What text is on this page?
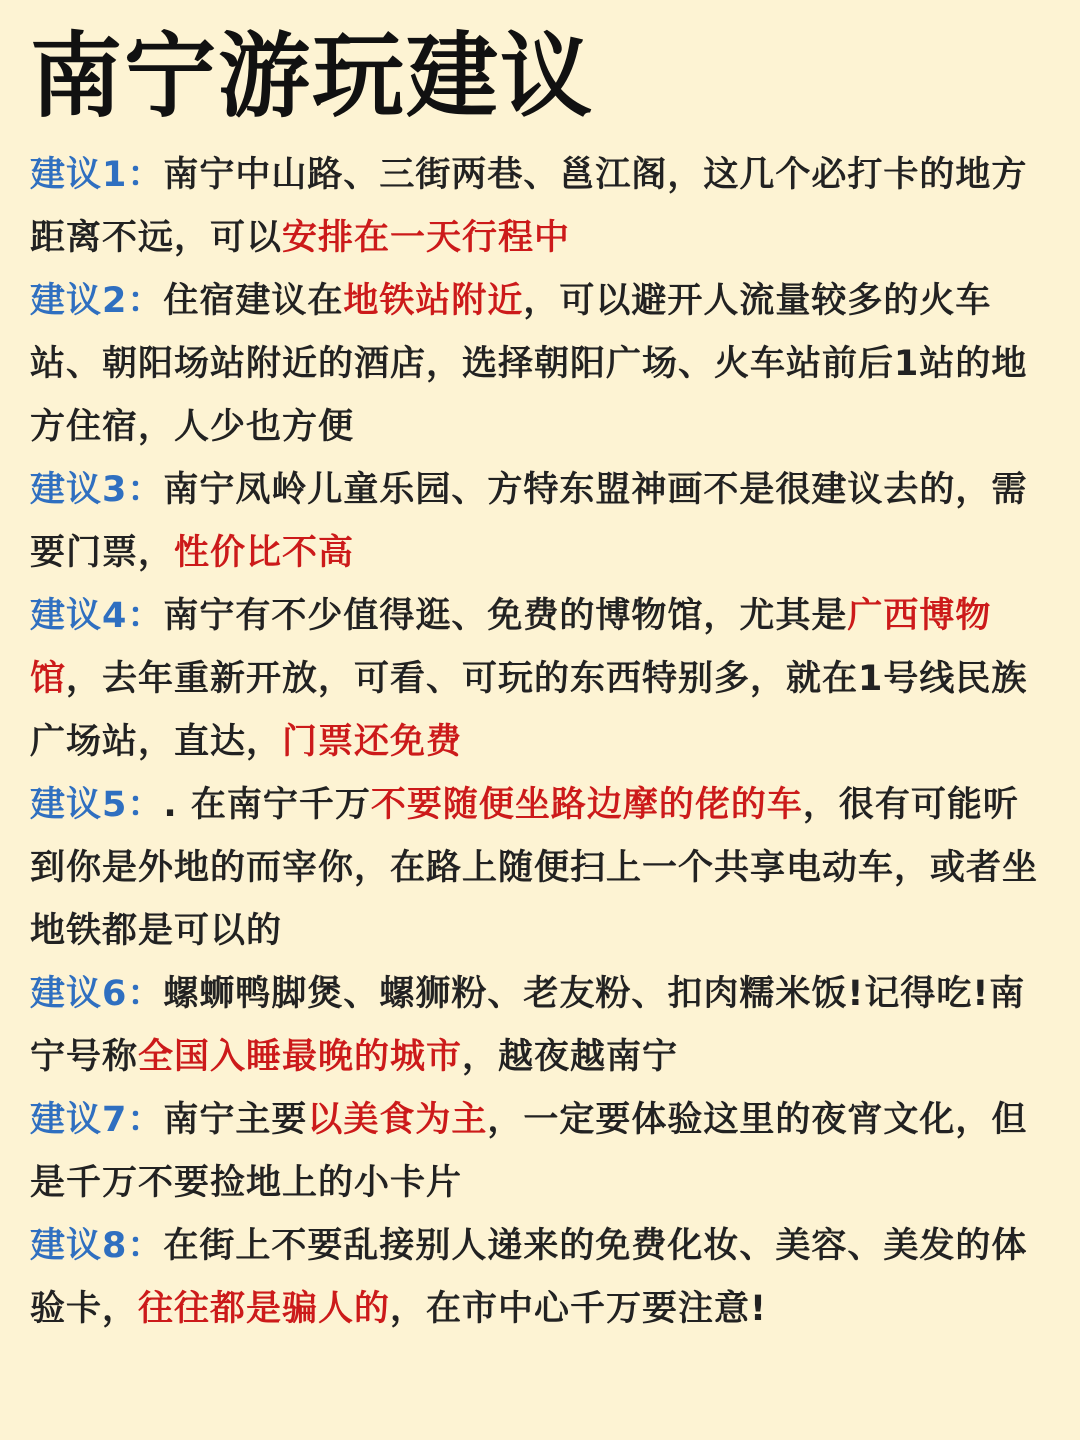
南宁游玩建议

建议1：南宁中山路、三街两巷、邕江阁，这几个必打卡的地方距离不远，可以安排在一天行程中

建议2：住宿建议在地铁站附近，可以避开人流量较多的火车站、朝阳场站附近的酒店，选择朝阳广场、火车站前后1站的地方住宿，人少也方便

建议3：南宁凤岭儿童乐园、方特东盟神画不是很建议去的，需要门票，性价比不高

建议4：南宁有不少值得逛、免费的博物馆，尤其是广西博物馆，去年重新开放，可看、可玩的东西特别多，就在1号线民族广场站，直达，门票还免费

建议5：. 在南宁千万不要随便坐路边摩的佬的车，很有可能听到你是外地的而宰你，在路上随便扫上一个共享电动车，或者坐地铁都是可以的

建议6：螺蛳鸭脚煲、螺狮粉、老友粉、扣肉糯米饭!记得吃!南宁号称全国入睡最晚的城市，越夜越南宁

建议7：南宁主要以美食为主，一定要体验这里的夜宵文化，但是千万不要捡地上的小卡片

建议8：在街上不要乱接别人递来的免费化妆、美容、美发的体验卡，往往都是骗人的，在市中心千万要注意!
